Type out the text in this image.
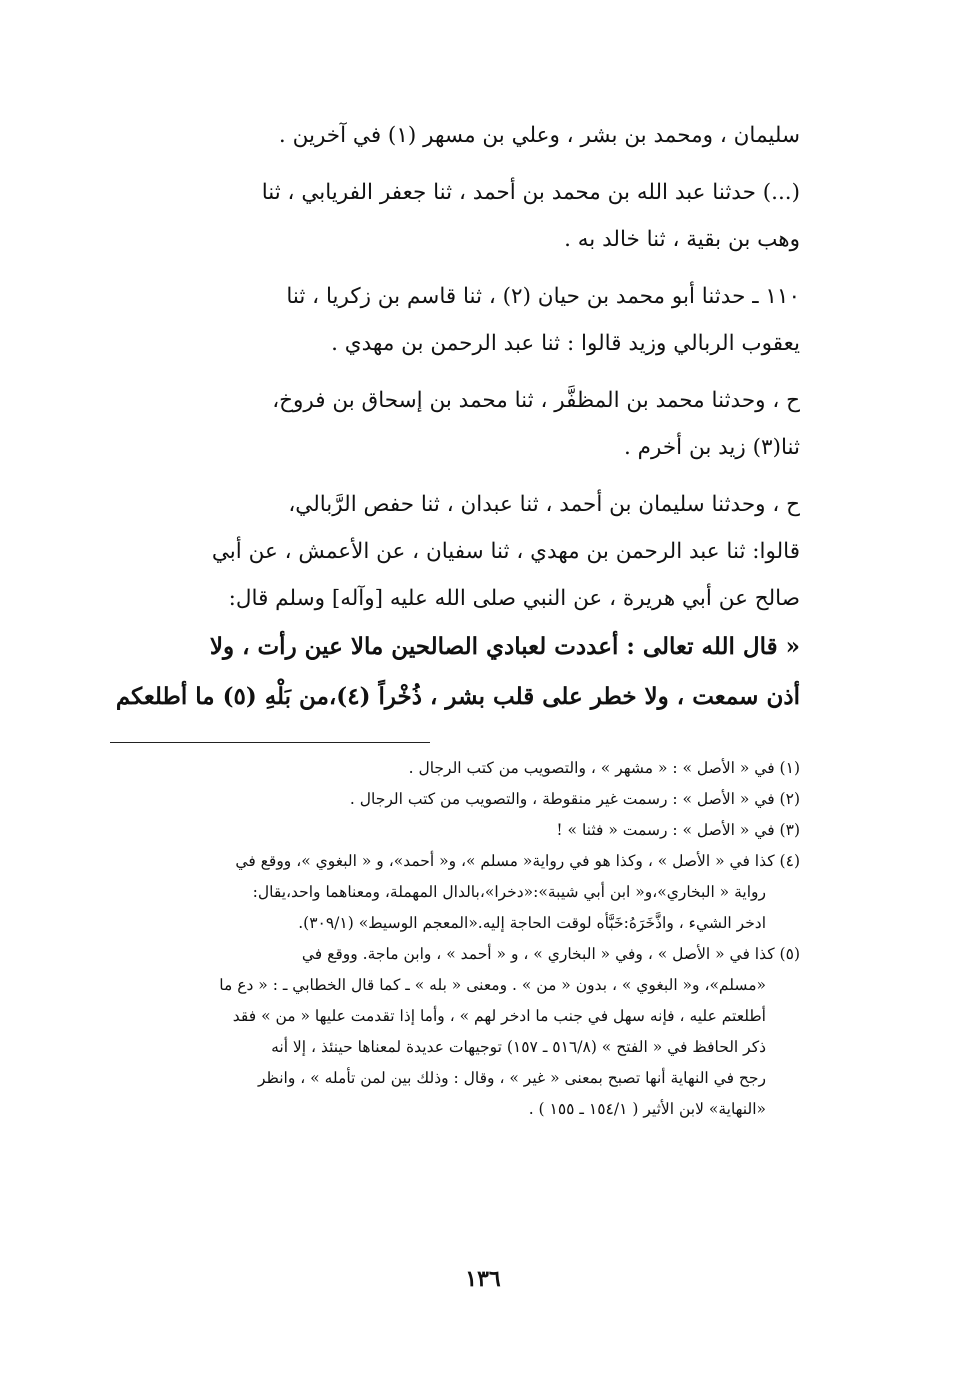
سليمان ، ومحمد بن بشر ، وعلي بن مسهر (١) في آخرين .
(...) حدثنا عبد الله بن محمد بن أحمد ، ثنا جعفر الفريابي ، ثنا
وهب بن بقية ، ثنا خالد به .
١١٠ ـ حدثنا أبو محمد بن حيان (٢) ، ثنا قاسم بن زكريا ، ثنا
يعقوب الربالي وزيد قالوا : ثنا عبد الرحمن بن مهدي .
ح ، وحدثنا محمد بن المظفَّر ، ثنا محمد بن إسحاق بن فروخ،
ثنا(٣) زيد بن أخرم .
ح ، وحدثنا سليمان بن أحمد ، ثنا عبدان ، ثنا حفص الرَّبالي،
قالوا: ثنا عبد الرحمن بن مهدي ، ثنا سفيان ، عن الأعمش ، عن أبي
صالح عن أبي هريرة ، عن النبي صلى الله عليه [وآله] وسلم قال:
« قال الله تعالى : أعددت لعبادي الصالحين مالا عين رأت ، ولا
أذن سمعت ، ولا خطر على قلب بشر ، ذُخْراً (٤)،من بَلْهِ (٥) ما أطلعكم
(١) في « الأصل » : « مشهر » ، والتصويب من كتب الرجال .
(٢) في « الأصل » : رسمت غير منقوطة ، والتصويب من كتب الرجال .
(٣) في « الأصل » : رسمت « فثنا » !
(٤) كذا في « الأصل » ، وكذا هو في رواية« مسلم »، و« أحمد»، و « البغوي »، ووقع في
رواية « البخاري»،و« ابن أبي شيبة»:«دخرا»،بالدال المهملة، ومعناهما واحد،يقال:
ادخر الشيء ، واذَّخَرَهُ:خَبَّأه لوقت الحاجة إليه.«المعجم الوسيط» (٣٠٩/١).
(٥) كذا في « الأصل » ، وفي « البخاري » ، و « أحمد » ، وابن ماجة. ووقع في
«مسلم»، و« البغوي » ، بدون « من » . ومعنى « بله » ـ كما قال الخطابي ـ : « دع ما
أطلعتم عليه ، فإنه سهل في جنب ما ادخر لهم » ، وأما إذا تقدمت عليها « من » فقد
ذكر الحافظ في « الفتح » (٥١٦/٨ ـ ١٥٧) توجيهات عديدة لمعناها حينئذ ، إلا أنه
رجح في النهاية أنها تصبح بمعنى « غير » ، وقال : وذلك بين لمن تأمله » ، وانظر
«النهاية» لابن الأثير ( ١٥٤/١ ـ ١٥٥ ) .
١٣٦
